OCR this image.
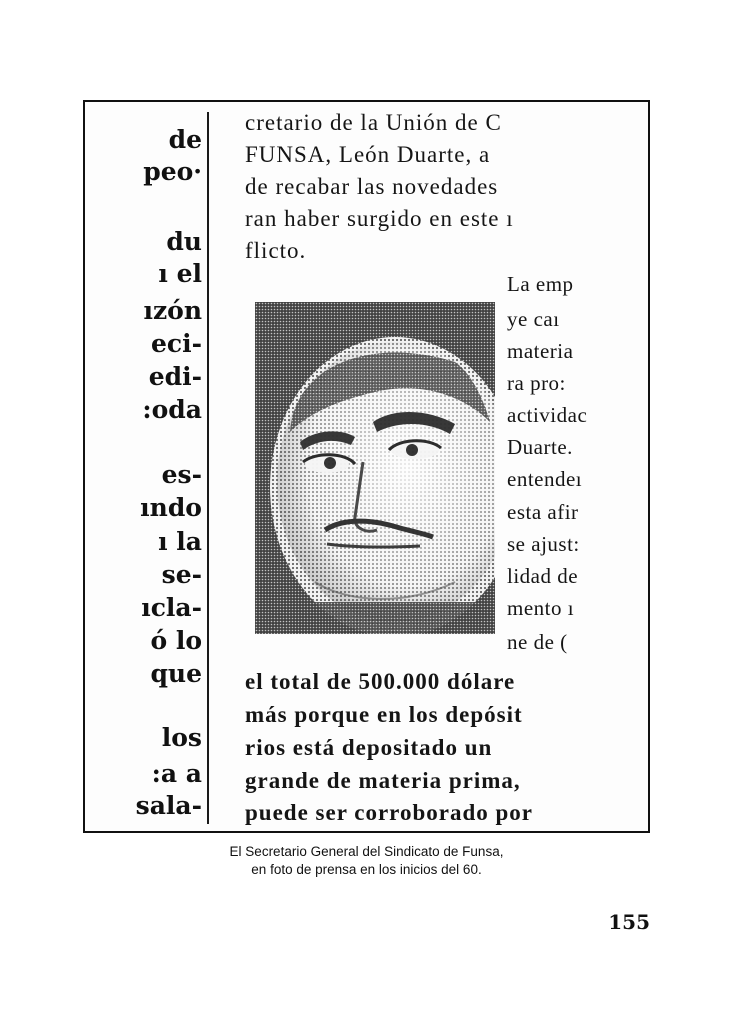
de
peo·
du
ı el
ızón
eci-
edi-
:oda
es-
ındo
ı la
se-
ıcla-
ó lo
que
los
:a a
sala-
cretario de la Unión de C
FUNSA, León Duarte, a
de recabar las novedades
ran haber surgido en este ı
flicto.
La emp
ye caı
materia
ra pro:
actividac
Duarte.
entendeı
esta afir
se ajust:
lidad de
mento ı
ne de (
el total de 500.000 dólare
más porque en los depósit
rios está depositado un
grande de materia prima,
puede ser corroborado por
El Secretario General del Sindicato de Funsa,
en foto de prensa en los inicios del 60.
155
